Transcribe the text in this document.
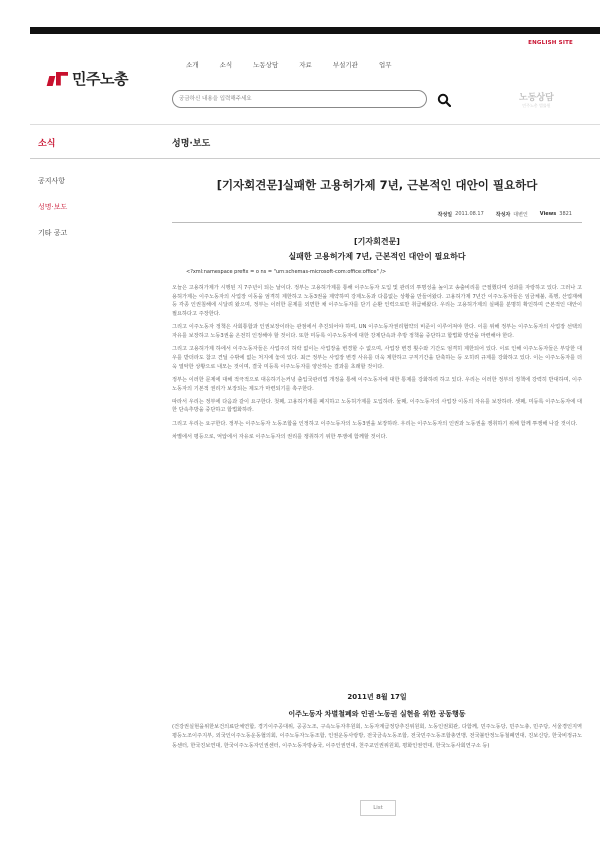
ENGLISH SITE
민주노총
소개	소식	노동상담	자료	부설기관	업무
궁금하신 내용을 입력해주세요
노동상담
민주노총 법률원
소식	성명·보도
공지사항
성명·보도
기타 공고
[기자회견문]실패한 고용허가제 7년, 근본적인 대안이 필요하다
작성일 2011.08.17 작성자 대변인 Views 3821
[기자회견문]
실패한 고용허가제 7년, 근본적인 대안이 필요하다
<?xml:namespace prefix = o ns = "urn:schemas-microsoft-com:office:office" />

오늘은 고용허가제가 시행된 지 7주년이 되는 날이다. 정부는 고용허가제를 통해 이주노동자 도입 및 관리의 투명성을 높이고 송출비리를 근절했다며 성과를 자랑하고 있다. 그러나 고용허가제는 이주노동자의 사업장 이동을 엄격히 제한하고 노동3권을 제약하며 강제노동과 다름없는 상황을 만들어왔다. 고용허가제 7년간 이주노동자들은 임금체불, 폭행, 산업재해 등 각종 인권침해에 시달려 왔으며, 정부는 이러한 문제를 외면한 채 이주노동자를 단기 순환 인력으로만 취급해왔다. 우리는 고용허가제의 실패를 분명히 확인하며 근본적인 대안이 필요하다고 주장한다.

그리고 이주노동자 정책은 사회통합과 인권보장이라는 관점에서 추진되어야 하며, UN 이주노동자권리협약의 비준이 이루어져야 한다. 이를 위해 정부는 이주노동자의 사업장 선택의 자유를 보장하고 노동3권을 온전히 인정해야 할 것이다. 또한 미등록 이주노동자에 대한 강제단속과 추방 정책을 중단하고 합법화 방안을 마련해야 한다.

그리고 고용허가제 하에서 이주노동자들은 사업주의 허락 없이는 사업장을 변경할 수 없으며, 사업장 변경 횟수와 기간도 엄격히 제한되어 있다. 이로 인해 이주노동자들은 부당한 대우를 받더라도 참고 견딜 수밖에 없는 처지에 놓여 있다. 최근 정부는 사업장 변경 사유를 더욱 제한하고 구직기간을 단축하는 등 오히려 규제를 강화하고 있다. 이는 이주노동자를 더욱 열악한 상황으로 내모는 것이며, 결국 미등록 이주노동자를 양산하는 결과를 초래할 것이다.

정부는 이러한 문제에 대해 적극적으로 대응하기는커녕 출입국관리법 개정을 통해 이주노동자에 대한 통제를 강화하려 하고 있다. 우리는 이러한 정부의 정책에 강력히 반대하며, 이주노동자의 기본적 권리가 보장되는 제도가 마련되기를 촉구한다.

따라서 우리는 정부에 다음과 같이 요구한다. 첫째, 고용허가제를 폐지하고 노동허가제를 도입하라. 둘째, 이주노동자의 사업장 이동의 자유를 보장하라. 셋째, 미등록 이주노동자에 대한 단속추방을 중단하고 합법화하라.

그리고 우리는 요구한다. 정부는 이주노동자 노동조합을 인정하고 이주노동자의 노동3권을 보장하라. 우리는 이주노동자의 인권과 노동권을 쟁취하기 위해 함께 투쟁해 나갈 것이다.

차별에서 평등으로, 억압에서 자유로 이주노동자의 권리를 쟁취하기 위한 투쟁에 함께할 것이다.

2011년 8월 17일
이주노동자 차별철폐와 인권·노동권 실현을 위한 공동행동
(건강권실현을위한보건의료단체연합, 경기이주공대위, 공공노조, 구속노동자후원회, 노동자계급정당추진위원회, 노동인권회관, 다함께, 민주노동당, 민주노총, 민주당, 서울경인지역평등노조이주지부, 외국인이주노동운동협의회, 이주노동자노동조합, 인권운동사랑방, 전국금속노동조합, 전국민주노동조합총연맹, 전국불안정노동철폐연대, 진보신당, 한국비정규노동센터, 한국진보연대, 한국이주노동자인권센터, 이주노동자방송국, 이주인권연대, 천주교인권위원회, 평화인권연대, 한국노동사회연구소 등)
List
